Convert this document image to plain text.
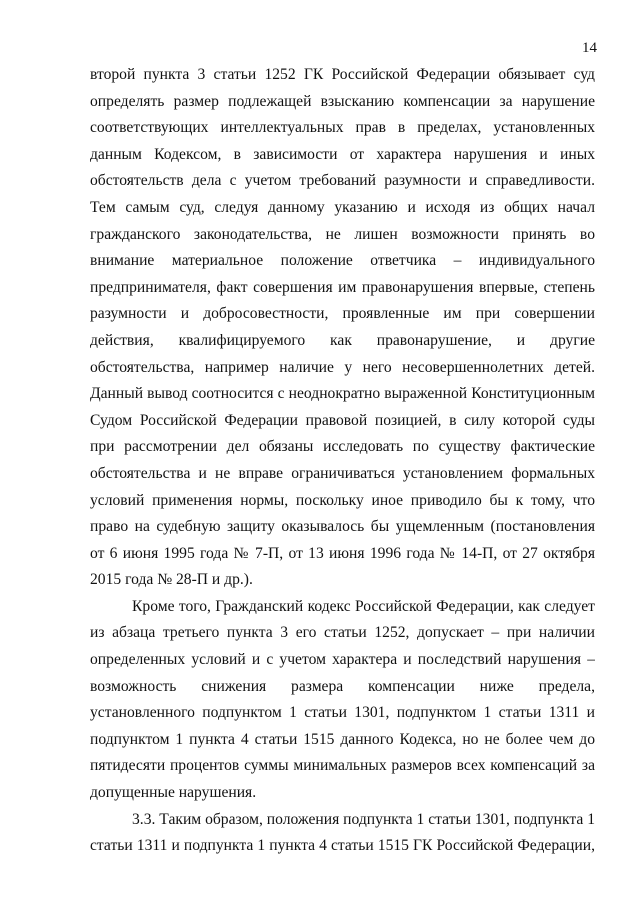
14
второй пункта 3 статьи 1252 ГК Российской Федерации обязывает суд
определять размер подлежащей взысканию компенсации за нарушение
соответствующих интеллектуальных прав в пределах, установленных
данным Кодексом, в зависимости от характера нарушения и иных
обстоятельств дела с учетом требований разумности и справедливости.
Тем самым суд, следуя данному указанию и исходя из общих начал
гражданского законодательства, не лишен возможности принять во
внимание материальное положение ответчика – индивидуального
предпринимателя, факт совершения им правонарушения впервые, степень
разумности и добросовестности, проявленные им при совершении
действия, квалифицируемого как правонарушение, и другие
обстоятельства, например наличие у него несовершеннолетних детей.
Данный вывод соотносится с неоднократно выраженной Конституционным
Судом Российской Федерации правовой позицией, в силу которой суды
при рассмотрении дел обязаны исследовать по существу фактические
обстоятельства и не вправе ограничиваться установлением формальных
условий применения нормы, поскольку иное приводило бы к тому, что
право на судебную защиту оказывалось бы ущемленным (постановления
от 6 июня 1995 года № 7-П, от 13 июня 1996 года № 14-П, от 27 октября
2015 года № 28-П и др.).
Кроме того, Гражданский кодекс Российской Федерации, как следует
из абзаца третьего пункта 3 его статьи 1252, допускает – при наличии
определенных условий и с учетом характера и последствий нарушения –
возможность снижения размера компенсации ниже предела,
установленного подпунктом 1 статьи 1301, подпунктом 1 статьи 1311 и
подпунктом 1 пункта 4 статьи 1515 данного Кодекса, но не более чем до
пятидесяти процентов суммы минимальных размеров всех компенсаций за
допущенные нарушения.
3.3. Таким образом, положения подпункта 1 статьи 1301, подпункта 1
статьи 1311 и подпункта 1 пункта 4 статьи 1515 ГК Российской Федерации,
